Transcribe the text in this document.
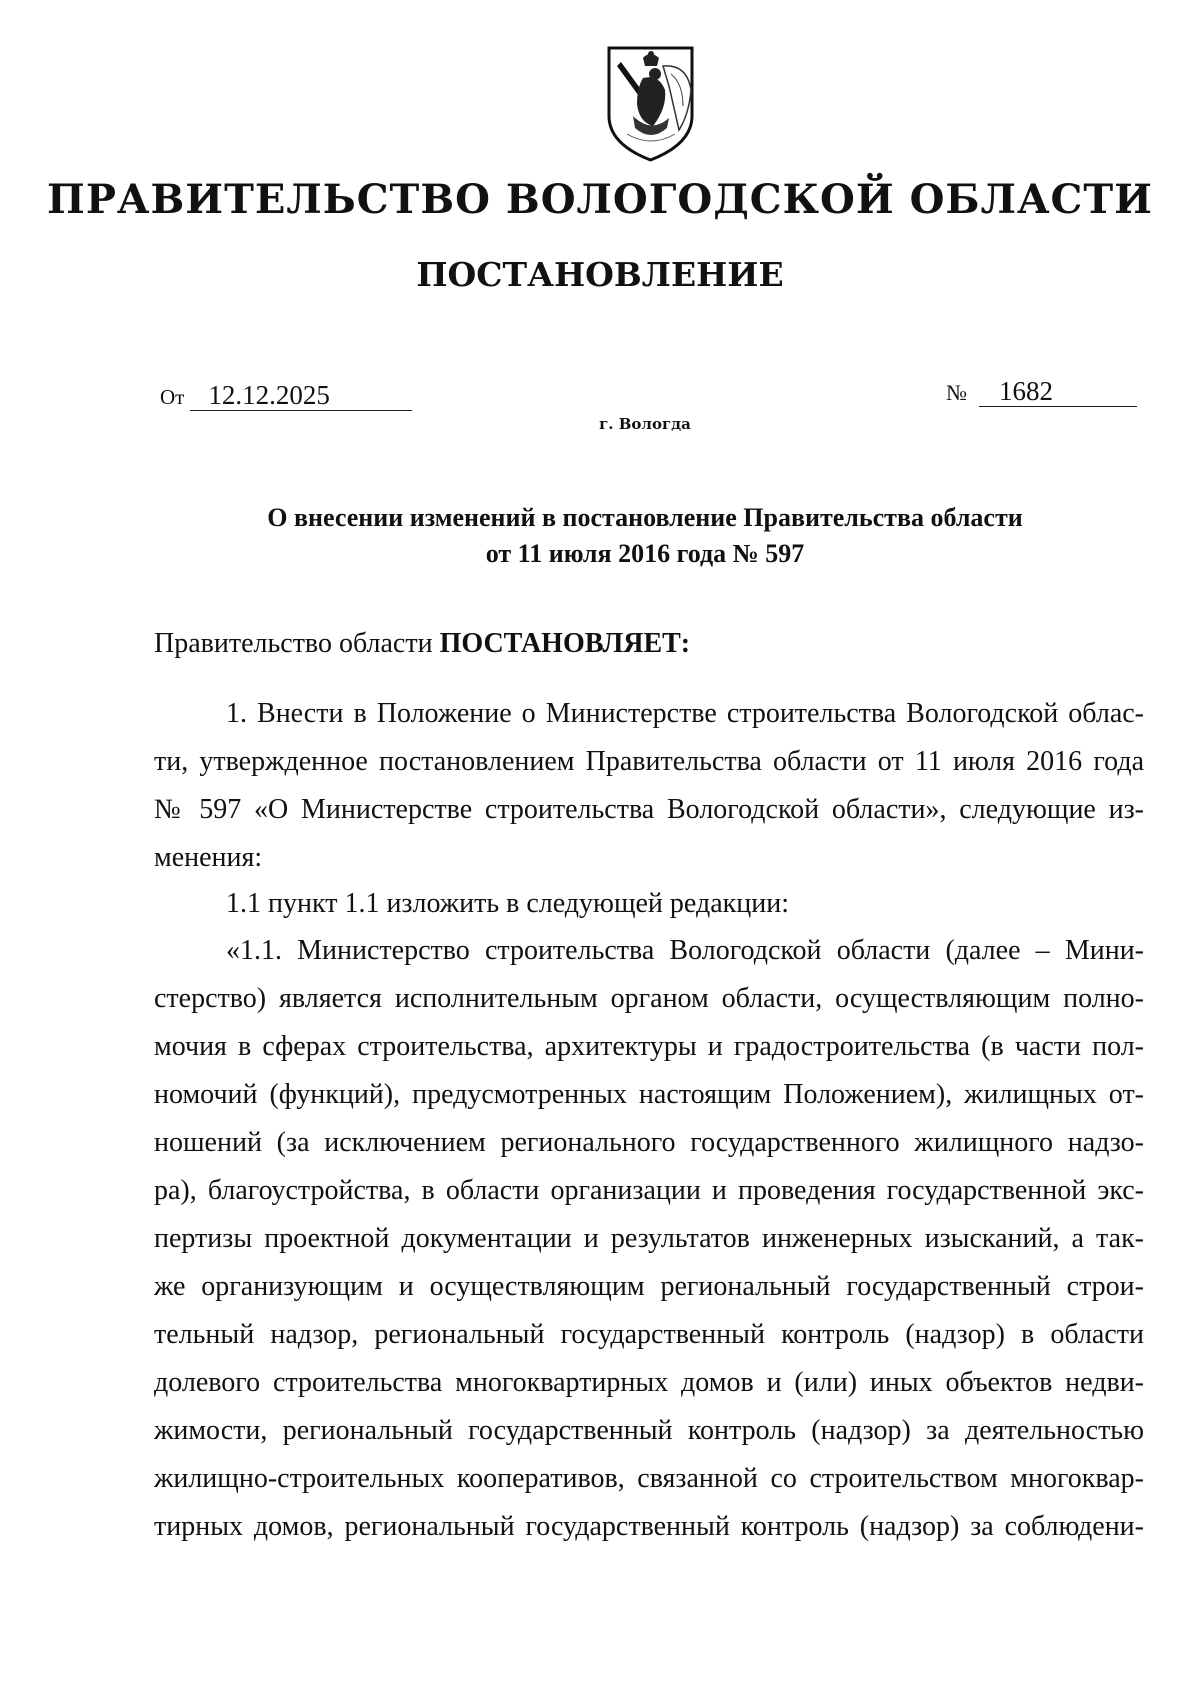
ПРАВИТЕЛЬСТВО ВОЛОГОДСКОЙ ОБЛАСТИ
ПОСТАНОВЛЕНИЕ
От 12.12.2025	№ 1682
г. Вологда
О внесении изменений в постановление Правительства области
от 11 июля 2016 года № 597
Правительство области ПОСТАНОВЛЯЕТ:
1. Внести в Положение о Министерстве строительства Вологодской облас-
ти, утвержденное постановлением Правительства области от 11 июля 2016 года
№ 597 «О Министерстве строительства Вологодской области», следующие из-
менения:
1.1 пункт 1.1 изложить в следующей редакции:
«1.1. Министерство строительства Вологодской области (далее – Мини-
стерство) является исполнительным органом области, осуществляющим полно-
мочия в сферах строительства, архитектуры и градостроительства (в части пол-
номочий (функций), предусмотренных настоящим Положением), жилищных от-
ношений (за исключением регионального государственного жилищного надзо-
ра), благоустройства, в области организации и проведения государственной экс-
пертизы проектной документации и результатов инженерных изысканий, а так-
же организующим и осуществляющим региональный государственный строи-
тельный надзор, региональный государственный контроль (надзор) в области
долевого строительства многоквартирных домов и (или) иных объектов недви-
жимости, региональный государственный контроль (надзор) за деятельностью
жилищно-строительных кооперативов, связанной со строительством многоквар-
тирных домов, региональный государственный контроль (надзор) за соблюдени-
